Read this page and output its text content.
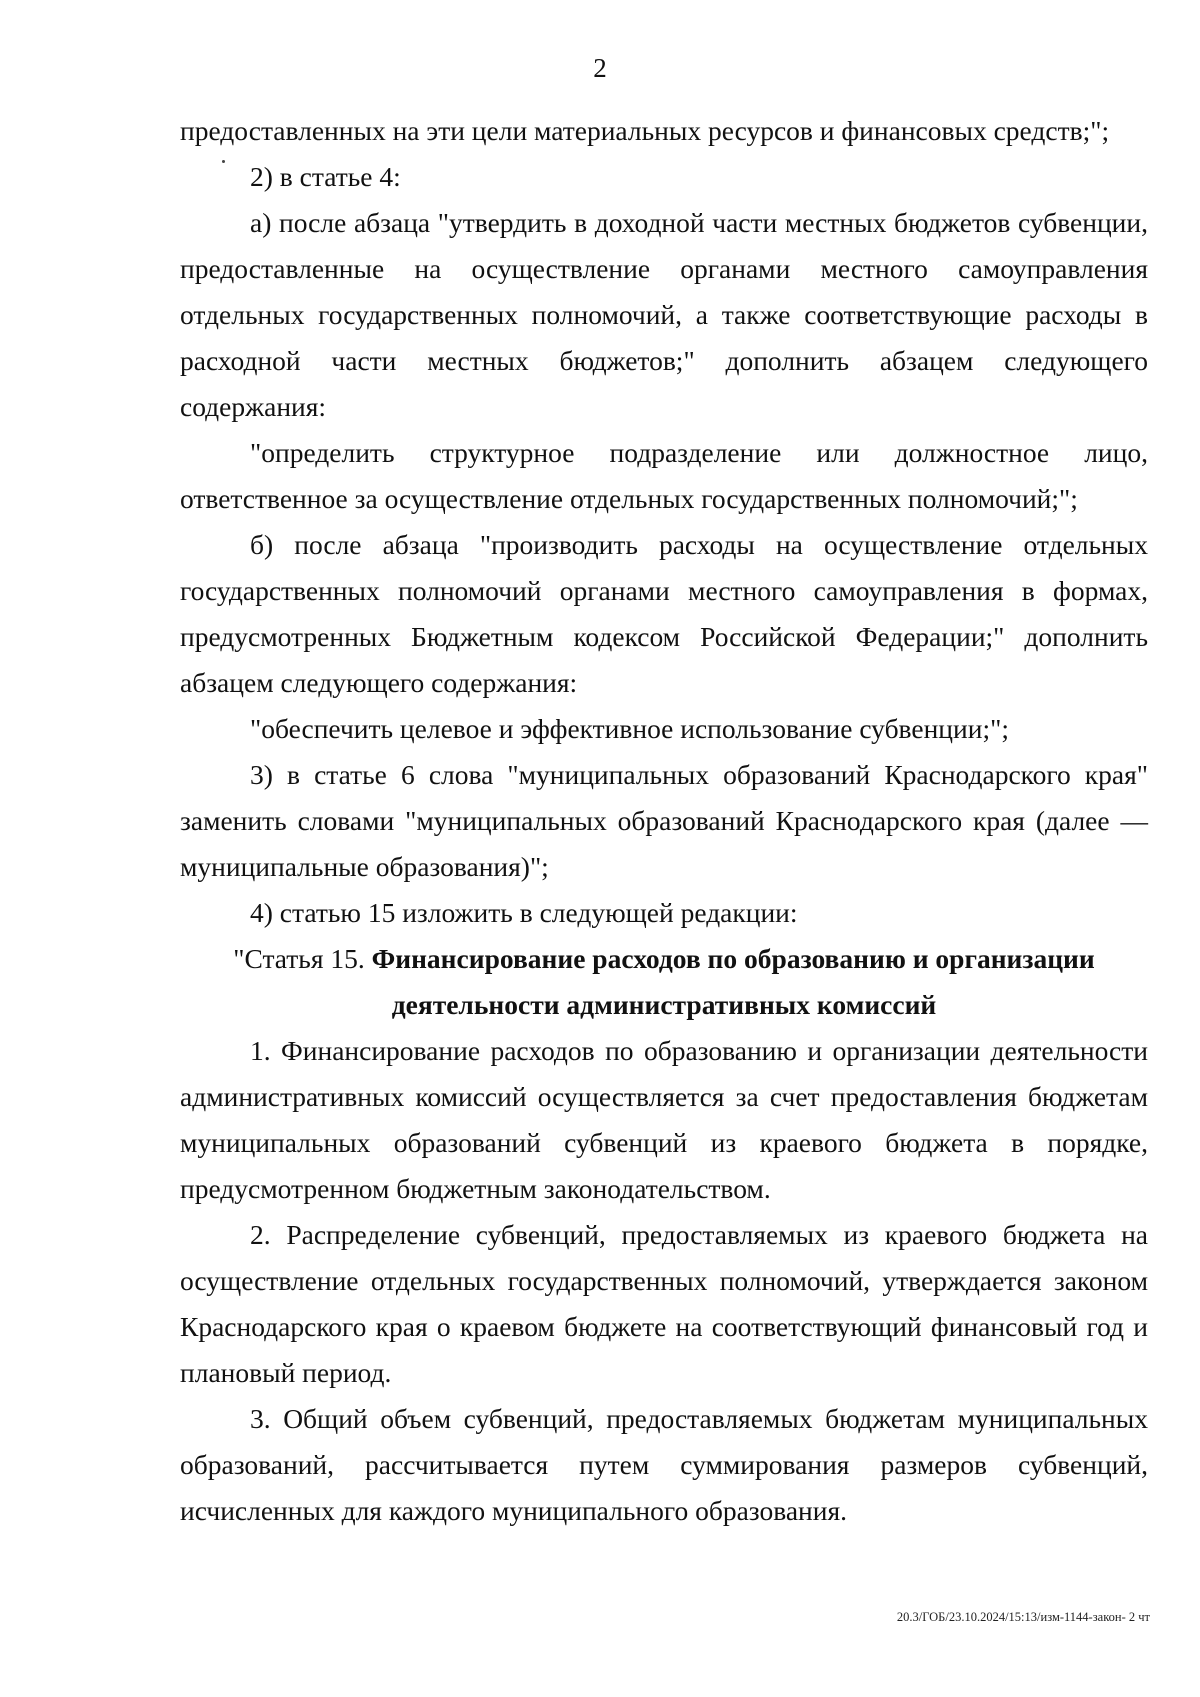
2

предоставленных на эти цели материальных ресурсов и финансовых средств;";

2) в статье 4:

а) после абзаца "утвердить в доходной части местных бюджетов субвенции, предоставленные на осуществление органами местного самоуправления отдельных государственных полномочий, а также соответствующие расходы в расходной части местных бюджетов;" дополнить абзацем следующего содержания:

"определить структурное подразделение или должностное лицо, ответственное за осуществление отдельных государственных полномочий;";

б) после абзаца "производить расходы на осуществление отдельных государственных полномочий органами местного самоуправления в формах, предусмотренных Бюджетным кодексом Российской Федерации;" дополнить абзацем следующего содержания:

"обеспечить целевое и эффективное использование субвенции;";

3) в статье 6 слова "муниципальных образований Краснодарского края" заменить словами "муниципальных образований Краснодарского края (далее — муниципальные образования)";

4) статью 15 изложить в следующей редакции:

"Статья 15. Финансирование расходов по образованию и организации

деятельности административных комиссий

1. Финансирование расходов по образованию и организации деятельности административных комиссий осуществляется за счет предоставления бюджетам муниципальных образований субвенций из краевого бюджета в порядке, предусмотренном бюджетным законодательством.

2. Распределение субвенций, предоставляемых из краевого бюджета на осуществление отдельных государственных полномочий, утверждается законом Краснодарского края о краевом бюджете на соответствующий финансовый год и плановый период.

3. Общий объем субвенций, предоставляемых бюджетам муниципальных образований, рассчитывается путем суммирования размеров субвенций, исчисленных для каждого муниципального образования.

20.3/ГОБ/23.10.2024/15:13/изм-1144-закон- 2 чт
